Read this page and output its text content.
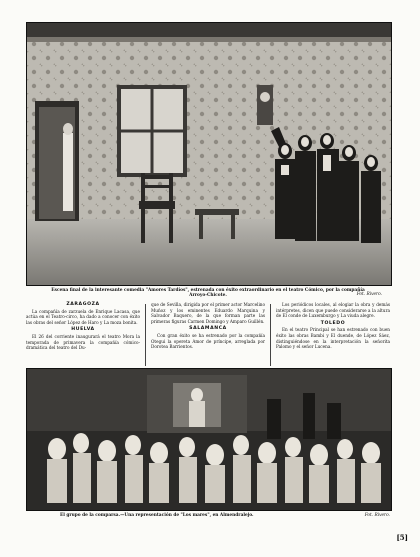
Escena final de la interesante comedia "Amores Tardíos", estrenada con éxito extraordinario en el teatro Cómico, por la compañía Arroyo-Chicote.	Fot. Rivero.
ZARAGOZA

La compañía de zarzuela de Enrique Lacasa, que actúa en el Teatro-circo, ha dado a conocer con éxito las obras del señor López de Haro y La moza bonita.

HUELVA

El 26 del corriente inaugurará el teatro Mora la temporada de primavera la compañía cómico-dramática del teatro del Du-

que de Sevilla, dirigida por el primer actor Marcelino Muñoz y los eminentes Eduardo Marquina y Salvador Baquero, de la que forman parte las primeras figuras Carmen Domingo y Amparo Guillén.

SALAMANCA

Con gran éxito se ha estrenado por la compañía Otegui la opereta Amor de príncipe, arreglada por Dorotea Barrientos.

Los periódicos locales, al elogiar la obra y demás intérpretes, dicen que puede considerarse a la altura de El conde de Luxemburgo y La viuda alegre.

TOLEDO

En el teatro Principal se han estrenado con buen éxito las obras Bambi y El duende, de López Sáez, distinguiéndose en la interpretación la señorita Palomo y el señor Lucena.

El grupo de la comparsa.—Una representación de "Los mares", en Almendralejo.	Fot. Rivero.
[5]
